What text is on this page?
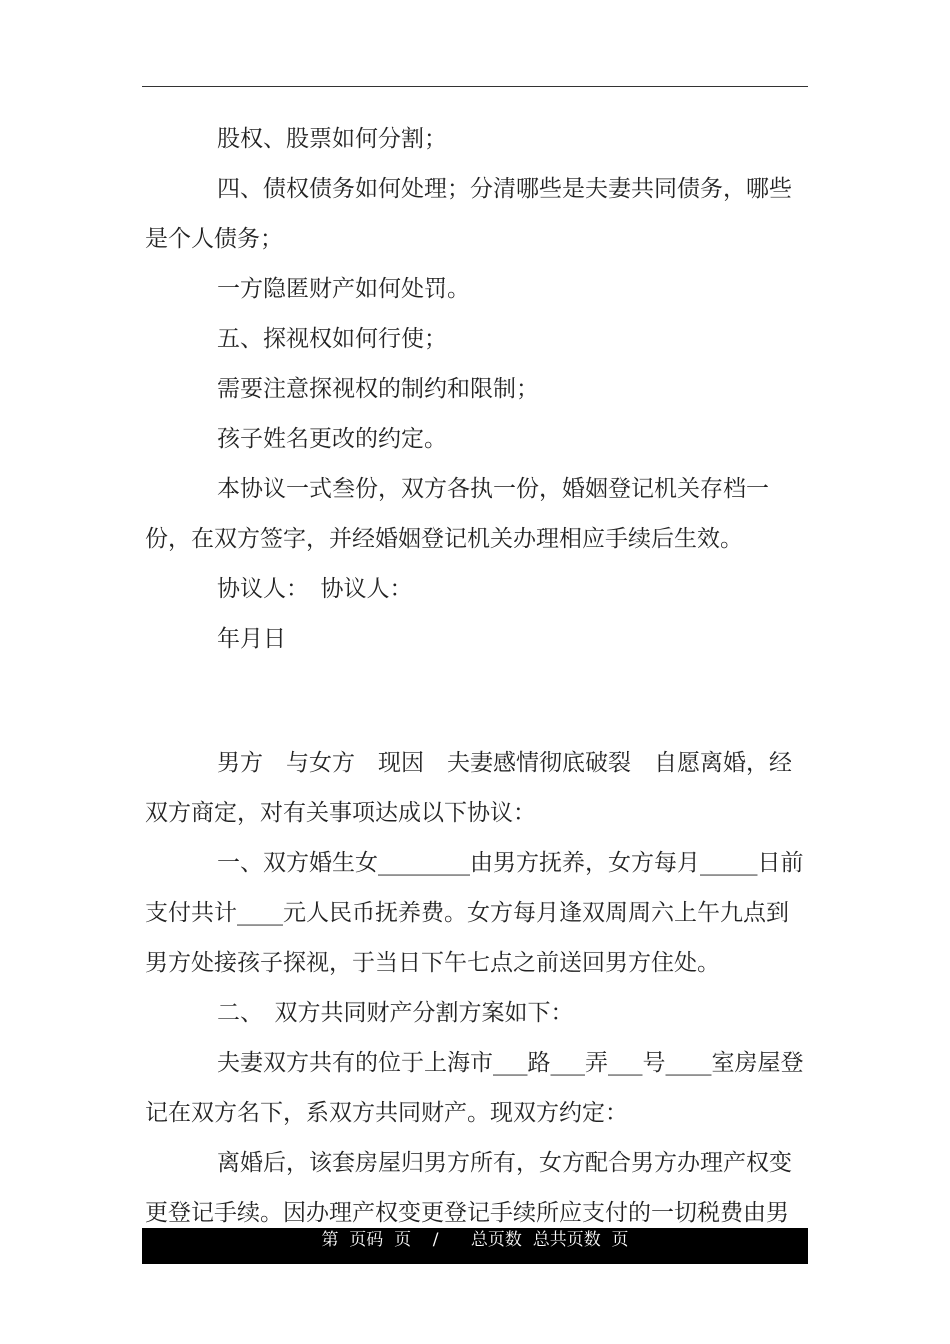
股权、股票如何分割；

四、债权债务如何处理；分清哪些是夫妻共同债务，哪些是个人债务；

一方隐匿财产如何处罚。

五、探视权如何行使；

需要注意探视权的制约和限制；

孩子姓名更改的约定。

本协议一式叁份，双方各执一份，婚姻登记机关存档一份，在双方签字，并经婚姻登记机关办理相应手续后生效。

协议人：　协议人：

年月日

男方　与女方　现因　夫妻感情彻底破裂　自愿离婚，经双方商定，对有关事项达成以下协议：

一、双方婚生女________由男方抚养，女方每月_____日前支付共计____元人民币抚养费。女方每月逢双周周六上午九点到男方处接孩子探视，于当日下午七点之前送回男方住处。

二、　双方共同财产分割方案如下：

夫妻双方共有的位于上海市___路___弄___号____室房屋登记在双方名下，系双方共同财产。现双方约定：

离婚后，该套房屋归男方所有，女方配合男方办理产权变更登记手续。因办理产权变更登记手续所应支付的一切税费由男

第  页码  页    /      总页数  总共页数  页
